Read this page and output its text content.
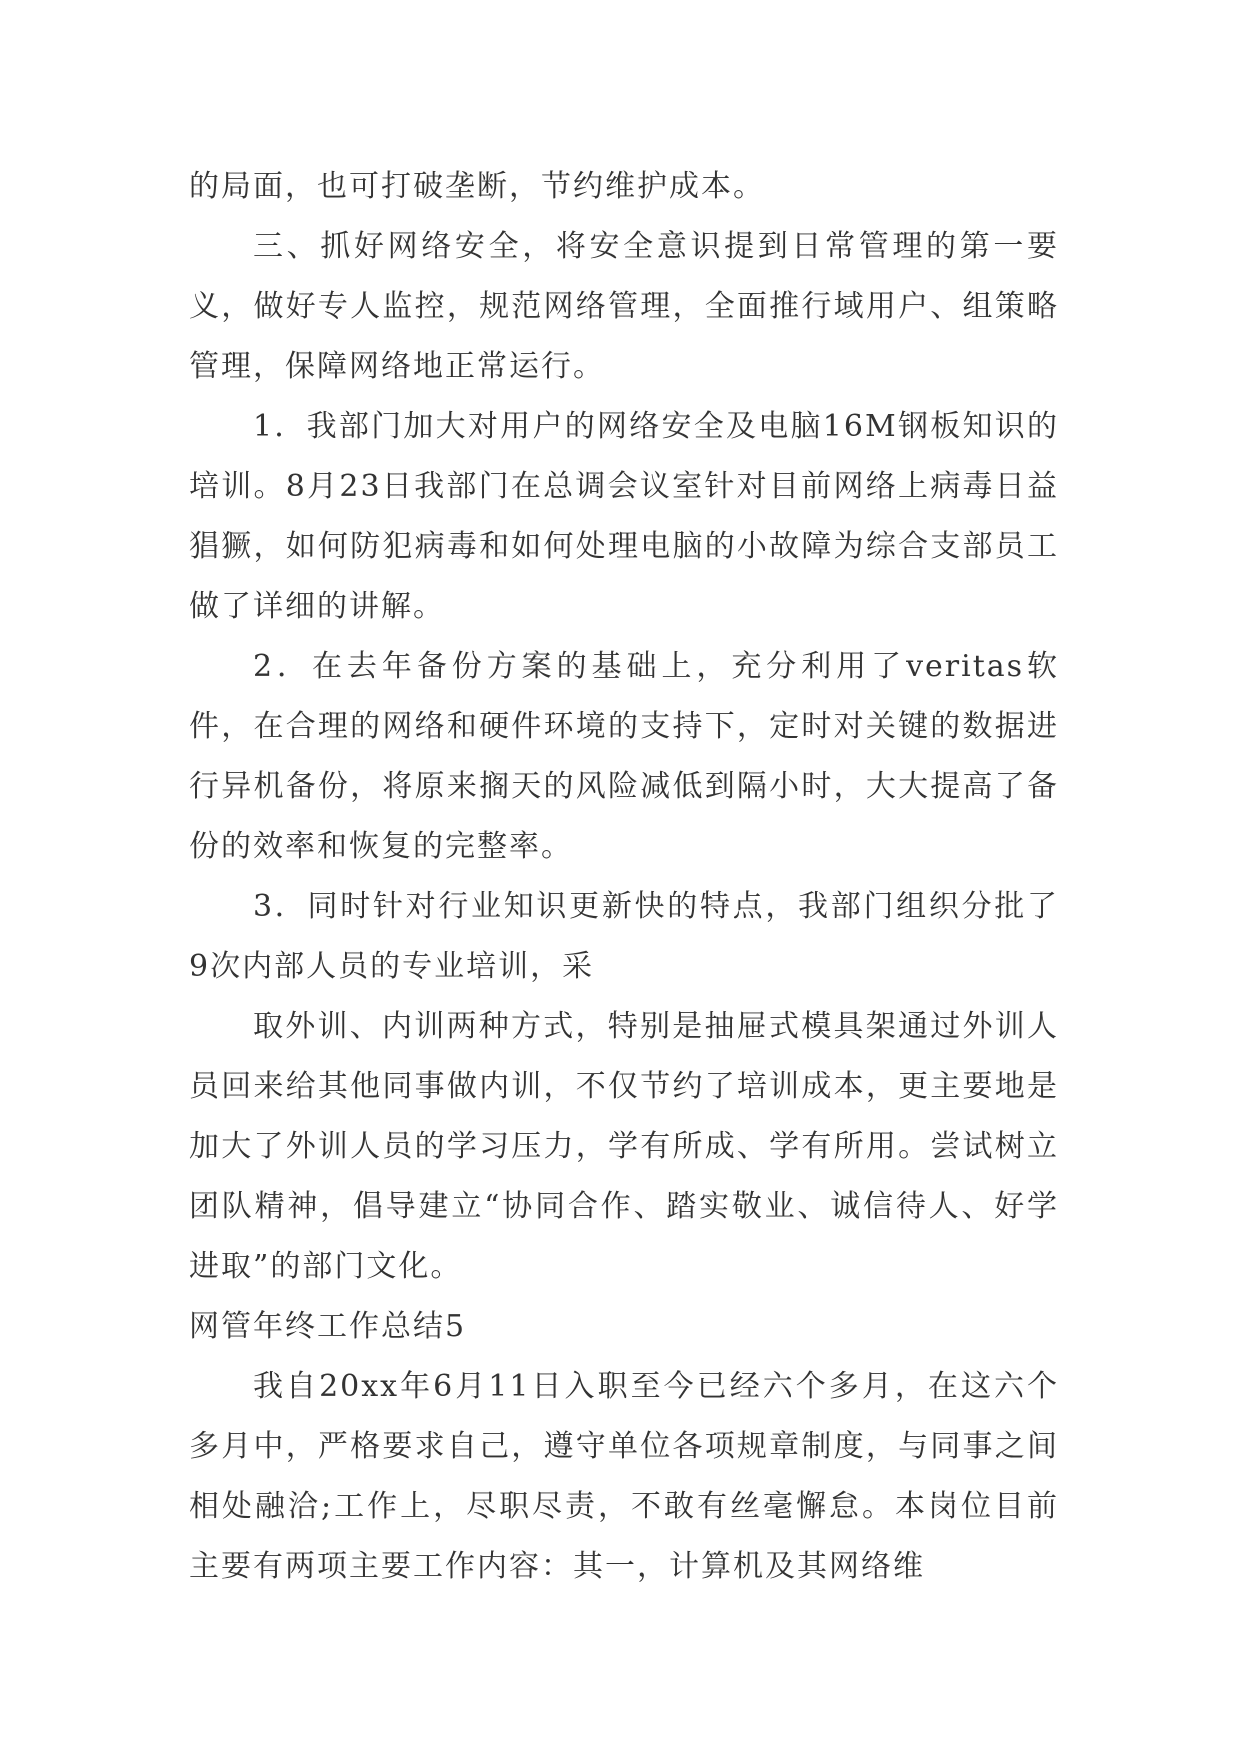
的局面，也可打破垄断，节约维护成本。

三、抓好网络安全，将安全意识提到日常管理的第一要义，做好专人监控，规范网络管理，全面推行域用户、组策略管理，保障网络地正常运行。

1．我部门加大对用户的网络安全及电脑16M钢板知识的培训。8月23日我部门在总调会议室针对目前网络上病毒日益猖獗，如何防犯病毒和如何处理电脑的小故障为综合支部员工做了详细的讲解。

2．在去年备份方案的基础上，充分利用了veritas软件，在合理的网络和硬件环境的支持下，定时对关键的数据进行异机备份，将原来搁天的风险减低到隔小时，大大提高了备份的效率和恢复的完整率。

3．同时针对行业知识更新快的特点，我部门组织分批了9次内部人员的专业培训，采

取外训、内训两种方式，特别是抽屉式模具架通过外训人员回来给其他同事做内训，不仅节约了培训成本，更主要地是加大了外训人员的学习压力，学有所成、学有所用。尝试树立团队精神，倡导建立“协同合作、踏实敬业、诚信待人、好学进取”的部门文化。

网管年终工作总结5

我自20xx年6月11日入职至今已经六个多月，在这六个多月中，严格要求自己，遵守单位各项规章制度，与同事之间相处融洽;工作上，尽职尽责，不敢有丝毫懈怠。本岗位目前主要有两项主要工作内容：其一，计算机及其网络维
